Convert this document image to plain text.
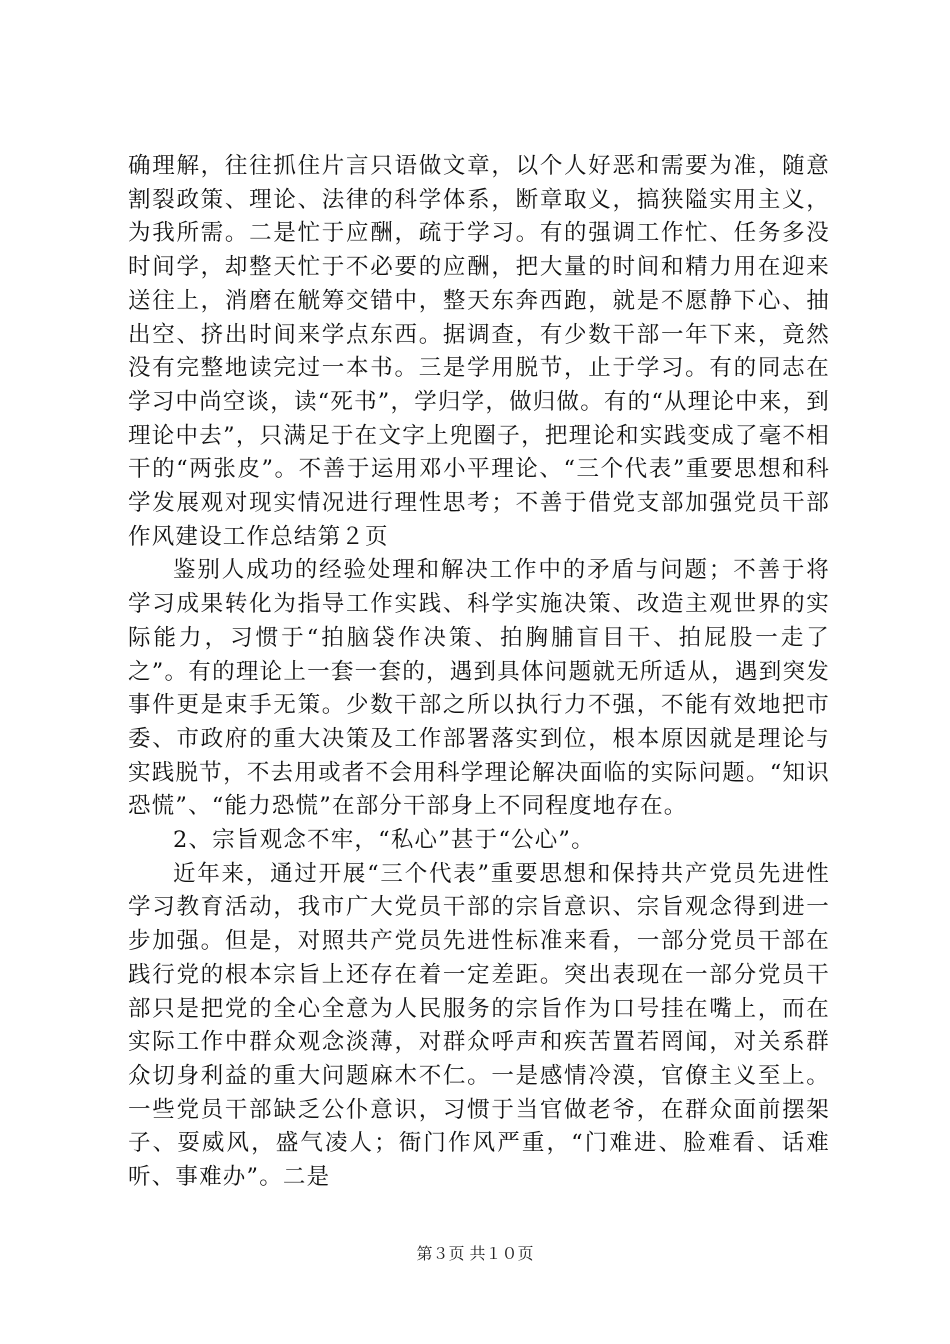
确理解，往往抓住片言只语做文章，以个人好恶和需要为准，随意割裂政策、理论、法律的科学体系，断章取义，搞狭隘实用主义，为我所需。二是忙于应酬，疏于学习。有的强调工作忙、任务多没时间学，却整天忙于不必要的应酬，把大量的时间和精力用在迎来送往上，消磨在觥筹交错中，整天东奔西跑，就是不愿静下心、抽出空、挤出时间来学点东西。据调查，有少数干部一年下来，竟然没有完整地读完过一本书。三是学用脱节，止于学习。有的同志在学习中尚空谈，读“死书”，学归学，做归做。有的“从理论中来，到理论中去”，只满足于在文字上兜圈子，把理论和实践变成了毫不相干的“两张皮”。不善于运用邓小平理论、“三个代表”重要思想和科学发展观对现实情况进行理性思考；不善于借党支部加强党员干部作风建设工作总结第２页

鉴别人成功的经验处理和解决工作中的矛盾与问题；不善于将学习成果转化为指导工作实践、科学实施决策、改造主观世界的实际能力，习惯于“拍脑袋作决策、拍胸脯盲目干、拍屁股一走了之”。有的理论上一套一套的，遇到具体问题就无所适从，遇到突发事件更是束手无策。少数干部之所以执行力不强，不能有效地把市委、市政府的重大决策及工作部署落实到位，根本原因就是理论与实践脱节，不去用或者不会用科学理论解决面临的实际问题。“知识恐慌”、“能力恐慌”在部分干部身上不同程度地存在。

2、宗旨观念不牢，“私心”甚于“公心”。

近年来，通过开展“三个代表”重要思想和保持共产党员先进性学习教育活动，我市广大党员干部的宗旨意识、宗旨观念得到进一步加强。但是，对照共产党员先进性标准来看，一部分党员干部在践行党的根本宗旨上还存在着一定差距。突出表现在一部分党员干部只是把党的全心全意为人民服务的宗旨作为口号挂在嘴上，而在实际工作中群众观念淡薄，对群众呼声和疾苦置若罔闻，对关系群众切身利益的重大问题麻木不仁。一是感情冷漠，官僚主义至上。一些党员干部缺乏公仆意识，习惯于当官做老爷，在群众面前摆架子、耍威风，盛气凌人；衙门作风严重，“门难进、脸难看、话难听、事难办”。二是

第３页 共１０页
